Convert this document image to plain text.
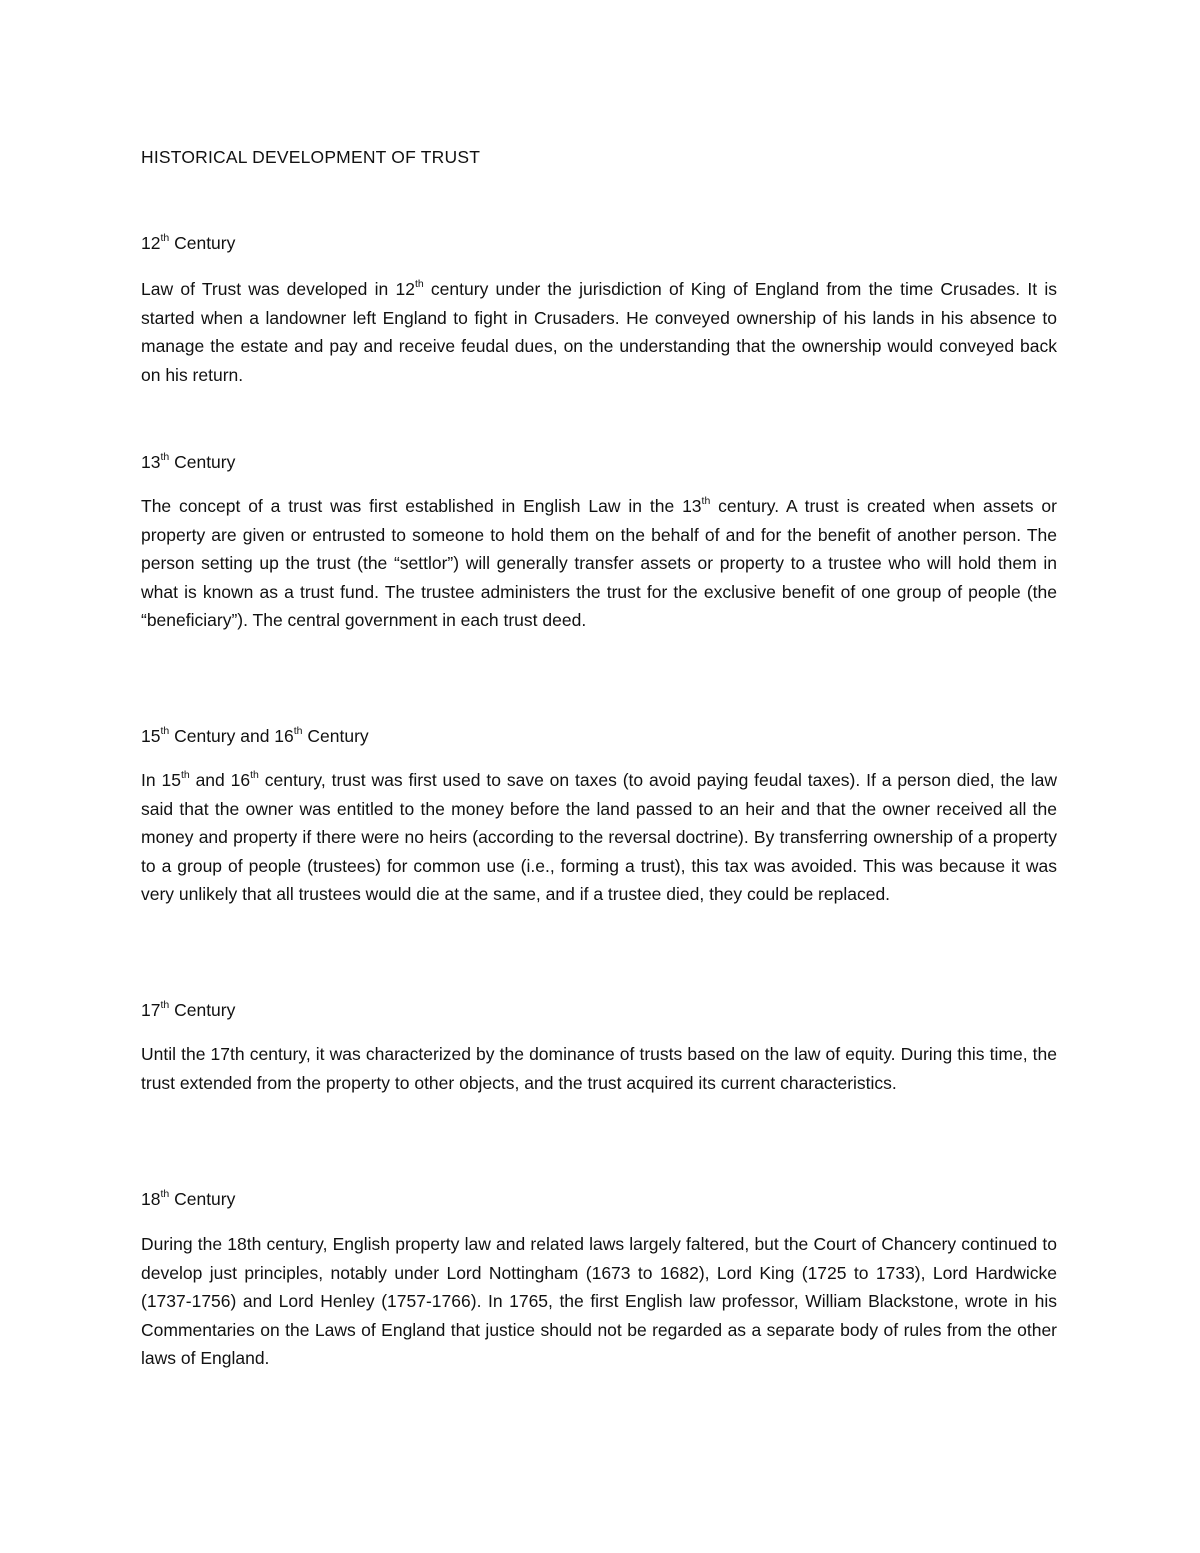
HISTORICAL DEVELOPMENT OF TRUST
12th Century

Law of Trust was developed in 12th century under the jurisdiction of King of England from the time Crusades. It is started when a landowner left England to fight in Crusaders. He conveyed ownership of his lands in his absence to manage the estate and pay and receive feudal dues, on the understanding that the ownership would conveyed back on his return.

13th Century

The concept of a trust was first established in English Law in the 13th century. A trust is created when assets or property are given or entrusted to someone to hold them on the behalf of and for the benefit of another person. The person setting up the trust (the “settlor”) will generally transfer assets or property to a trustee who will hold them in what is known as a trust fund. The trustee administers the trust for the exclusive benefit of one group of people (the “beneficiary”). The central government in each trust deed.

15th Century and 16th Century

In 15th and 16th century, trust was first used to save on taxes (to avoid paying feudal taxes). If a person died, the law said that the owner was entitled to the money before the land passed to an heir and that the owner received all the money and property if there were no heirs (according to the reversal doctrine). By transferring ownership of a property to a group of people (trustees) for common use (i.e., forming a trust), this tax was avoided. This was because it was very unlikely that all trustees would die at the same, and if a trustee died, they could be replaced.

17th Century

Until the 17th century, it was characterized by the dominance of trusts based on the law of equity. During this time, the trust extended from the property to other objects, and the trust acquired its current characteristics.

18th Century

During the 18th century, English property law and related laws largely faltered, but the Court of Chancery continued to develop just principles, notably under Lord Nottingham (1673 to 1682), Lord King (1725 to 1733), Lord Hardwicke (1737-1756) and Lord Henley (1757-1766). In 1765, the first English law professor, William Blackstone, wrote in his Commentaries on the Laws of England that justice should not be regarded as a separate body of rules from the other laws of England.
